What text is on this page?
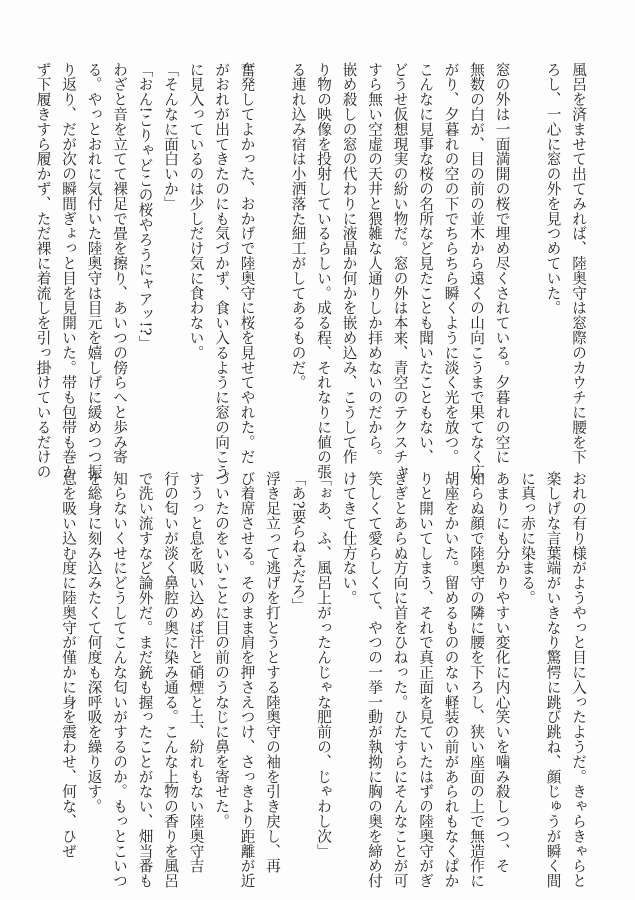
風呂を済ませて出てみれば、陸奥守は窓際のカウチに腰を下
ろし、一心に窓の外を見つめていた。

窓の外は一面満開の桜で埋め尽くされている。夕暮れの空に
無数の白が、目の前の並木から遠くの山向こうまで果てなく広
がり、夕暮れの空の下でちらちら瞬くように淡く光を放つ。
こんなに見事な桜の名所など見たことも聞いたこともない、
どうせ仮想現実の紛い物だ。窓の外は本来、青空のテクスチャ
すら無い空虚の天井と猥雑な人通りしか拝めないのだから。
嵌め殺しの窓の代わりに液晶か何かを嵌め込み、こうして作
り物の映像を投射しているらしい。成る程、それなりに値の張
る連れ込み宿は小洒落た細工がしてあるものだ。

奮発してよかった、おかげで陸奥守に桜を見せてやれた。だ
がおれが出てきたのにも気づかず、食い入るように窓の向こう
に見入っているのは少しだけ気に食わない。
「そんなに面白いか」
「おん!こりゃどこの桜やろうにャアッ!?」
わざと音を立てて裸足で畳を擦り、あいつの傍らへと歩み寄
る。やっとおれに気付いた陸奥守は目元を嬉しげに緩めつつ振
り返り、だが次の瞬間ぎょっと目を見開いた。帯も包帯も巻か
ず下履きすら履かず、ただ裸に着流しを引っ掛けているだけの
おれの有り様がようやっと目に入ったようだ。きゃらきゃらと
楽しげな言葉端がいきなり驚愕に跳び跳ね、顔じゅうが瞬く間
に真っ赤に染まる。
あまりにも分かりやすい変化に内心笑いを噛み殺しつつ、そ
知らぬ顔で陸奥守の隣に腰を下ろし、狭い座面の上で無造作に
胡座をかいた。留めるもののない軽装の前があられもなくぱか
りと開いてしまう、それで真正面を見ていたはずの陸奥守がぎ
ぎぎとあらぬ方向に首をひねった。ひたすらにそんなことが可
笑しくて愛らしくて、やつの一挙一動が執拗に胸の奥を締め付
けてきて仕方ない。
「ぉあ、ふ、風呂上がったんじゃな肥前の、じゃわし次」
「あ?要らねえだろ」
浮き足立って逃げを打とうとする陸奥守の袖を引き戻し、再
び着席させる。そのまま肩を押さえつけ、さっきより距離が近
づいたのをいいことに目の前のうなじに鼻を寄せた。
すうっと息を吸い込めば汗と硝煙と土、紛れもない陸奥守吉
行の匂いが淡く鼻腔の奥に染み通る。こんな上物の香りを風呂
で洗い流すなど論外だ。まだ銃も握ったことがない、畑当番も
知らないくせにどうしてこんな匂いがするのか。もっとこいつ
を総身に刻み込みたくて何度も深呼吸を繰り返す。
息を吸い込む度に陸奥守が僅かに身を震わせ、何な、ひぜ
